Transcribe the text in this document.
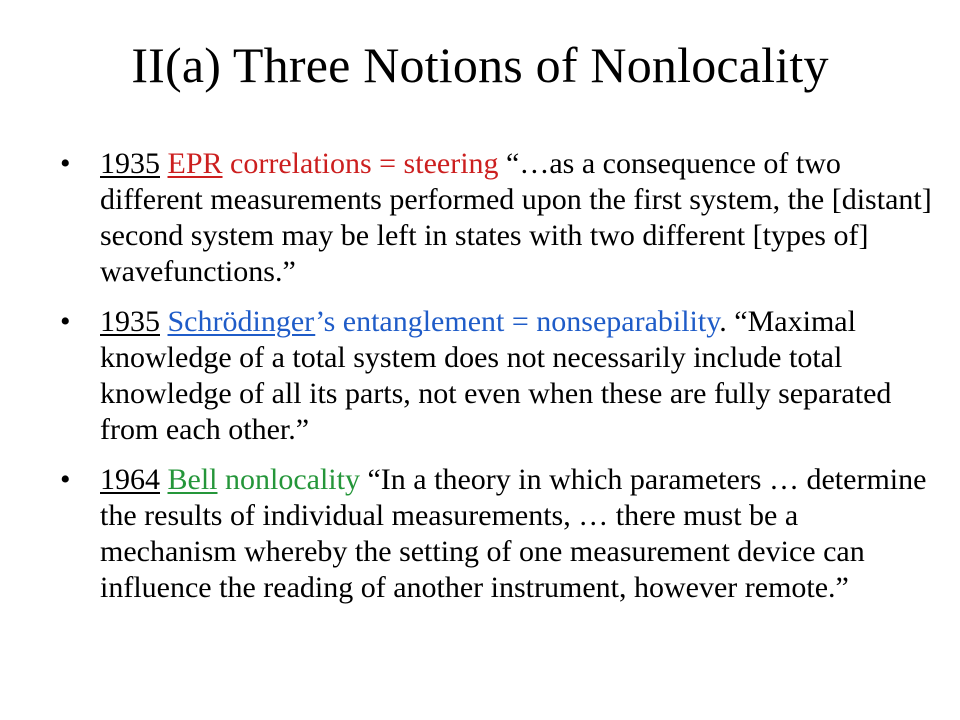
II(a) Three Notions of Nonlocality
• 1935 EPR correlations = steering “…as a consequence of two different measurements performed upon the first system, the [distant] second system may be left in states with two different [types of] wavefunctions.”
• 1935 Schrödinger’s entanglement = nonseparability. “Maximal knowledge of a total system does not necessarily include total knowledge of all its parts, not even when these are fully separated from each other.”
• 1964 Bell nonlocality “In a theory in which parameters … determine the results of individual measurements, … there must be a mechanism whereby the setting of one measurement device can influence the reading of another instrument, however remote.”
